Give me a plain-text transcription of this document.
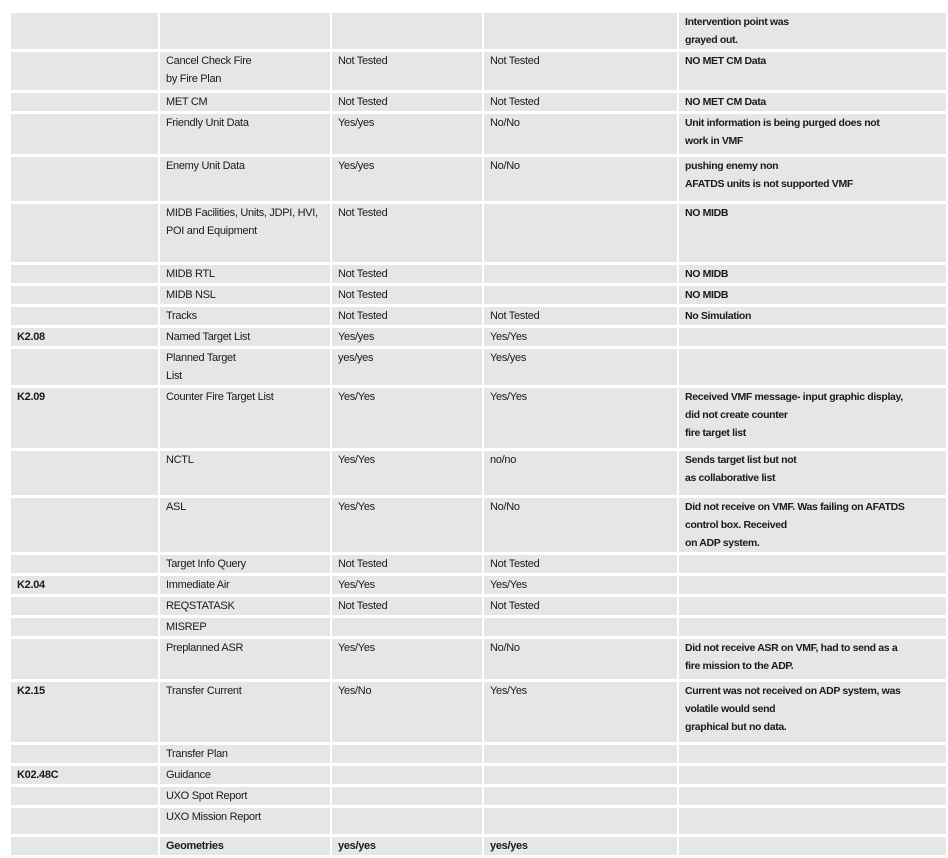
				Intervention point was
grayed out.

	Cancel Check Fire
by Fire Plan	Not Tested	Not Tested	NO MET CM Data

	MET CM	Not Tested	Not Tested	NO MET CM Data

	Friendly Unit Data	Yes/yes	No/No	Unit information is being purged does not
work in VMF

	Enemy Unit Data	Yes/yes	No/No	pushing enemy non
AFATDS units is not supported VMF

	MIDB Facilities, Units, JDPI, HVI,
POI and Equipment	Not Tested		NO MIDB

	MIDB RTL	Not Tested		NO MIDB

	MIDB NSL	Not Tested		NO MIDB

	Tracks	Not Tested	Not Tested	No Simulation

K2.08	Named Target List	Yes/yes	Yes/Yes	

	Planned Target
List	yes/yes	Yes/yes	

K2.09	Counter Fire Target List	Yes/Yes	Yes/Yes	Received VMF message- input graphic display,
did not create counter
fire target list

	NCTL	Yes/Yes	no/no	Sends target list but not
as collaborative list

	ASL	Yes/Yes	No/No	Did not receive on VMF. Was failing on AFATDS
control box. Received
on ADP system.

	Target Info Query	Not Tested	Not Tested	

K2.04	Immediate Air	Yes/Yes	Yes/Yes	

	REQSTATASK	Not Tested	Not Tested	

	MISREP			

	Preplanned ASR	Yes/Yes	No/No	Did not receive ASR on VMF, had to send as a
fire mission to the ADP.

K2.15	Transfer Current	Yes/No	Yes/Yes	Current was not received on ADP system, was
volatile would send
graphical but no data.

	Transfer Plan			

K02.48C	Guidance			

	UXO Spot Report			

	UXO Mission Report			

	Geometries	yes/yes	yes/yes	
